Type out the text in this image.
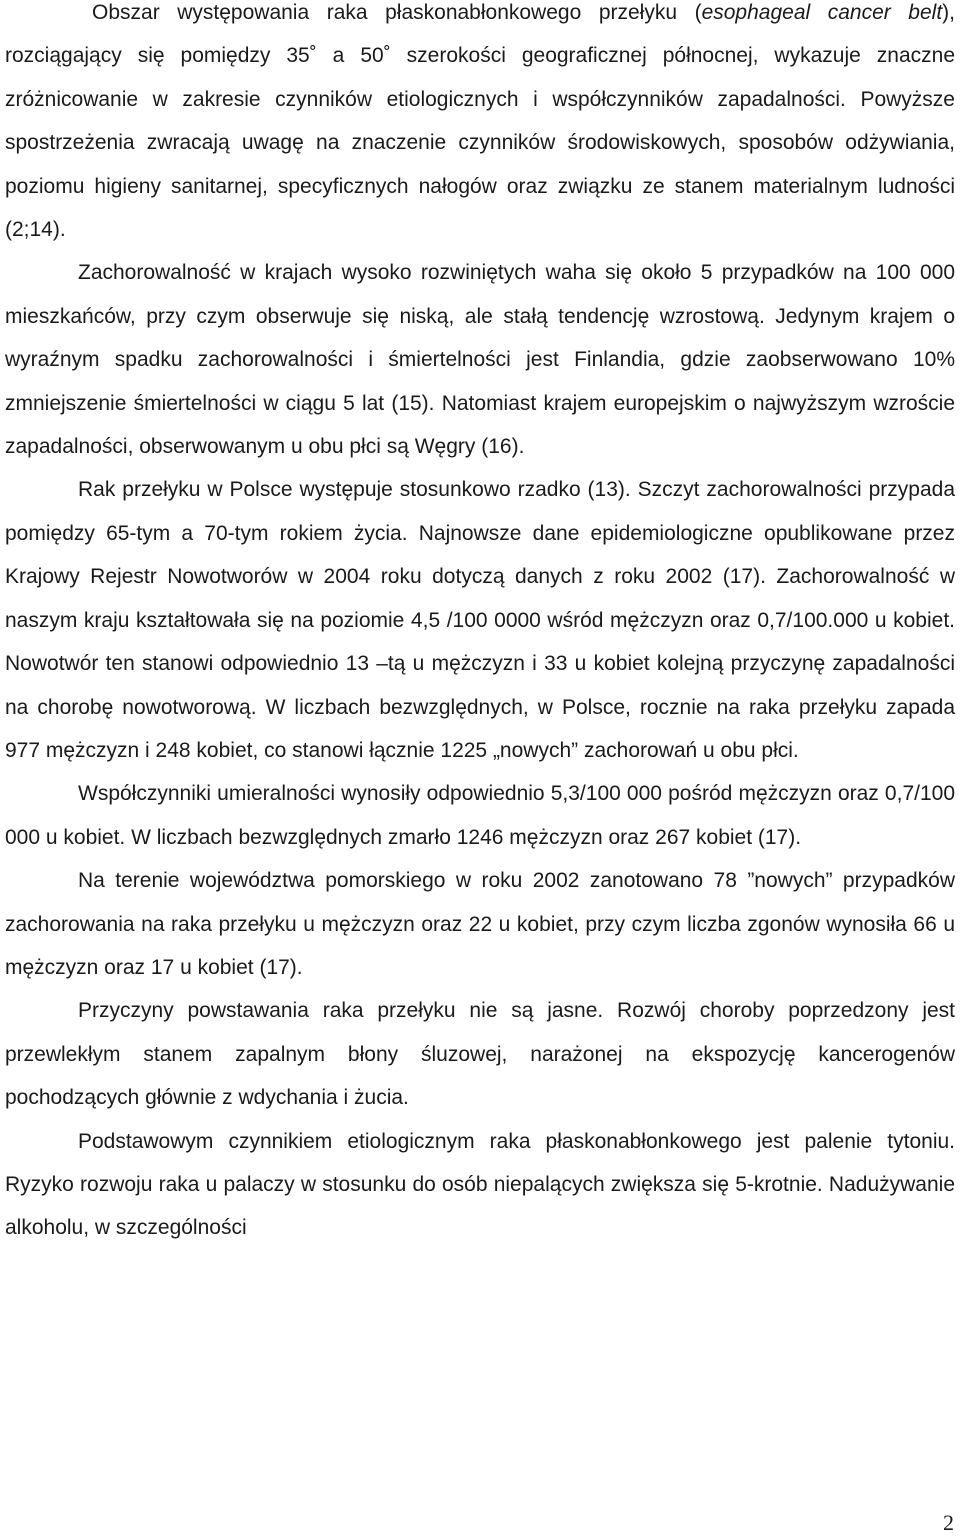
Obszar występowania raka płaskonabłonkowego przełyku (esophageal cancer belt), rozciągający się pomiędzy 35˚ a 50˚ szerokości geograficznej północnej, wykazuje znaczne zróżnicowanie w zakresie czynników etiologicznych i współczynników zapadalności. Powyższe spostrzeżenia zwracają uwagę na znaczenie czynników środowiskowych, sposobów odżywiania, poziomu higieny sanitarnej, specyficznych nałogów oraz związku ze stanem materialnym ludności (2;14).

Zachorowalność w krajach wysoko rozwiniętych waha się około 5 przypadków na 100 000 mieszkańców, przy czym obserwuje się niską, ale stałą tendencję wzrostową. Jedynym krajem o wyraźnym spadku zachorowalności i śmiertelności jest Finlandia, gdzie zaobserwowano 10% zmniejszenie śmiertelności w ciągu 5 lat (15). Natomiast krajem europejskim o najwyższym wzroście zapadalności, obserwowanym u obu płci są Węgry (16).

Rak przełyku w Polsce występuje stosunkowo rzadko (13). Szczyt zachorowalności przypada pomiędzy 65-tym a 70-tym rokiem życia. Najnowsze dane epidemiologiczne opublikowane przez Krajowy Rejestr Nowotworów w 2004 roku dotyczą danych z roku 2002 (17). Zachorowalność w naszym kraju kształtowała się na poziomie 4,5 /100 0000 wśród mężczyzn oraz 0,7/100.000 u kobiet. Nowotwór ten stanowi odpowiednio 13 –tą u mężczyzn i 33 u kobiet kolejną przyczynę zapadalności na chorobę nowotworową. W liczbach bezwzględnych, w Polsce, rocznie na raka przełyku zapada 977 mężczyzn i 248 kobiet, co stanowi łącznie 1225 „nowych” zachorowań u obu płci.

Współczynniki umieralności wynosiły odpowiednio 5,3/100 000 pośród mężczyzn oraz 0,7/100 000 u kobiet. W liczbach bezwzględnych zmarło 1246 mężczyzn oraz 267 kobiet (17).

Na terenie województwa pomorskiego w roku 2002 zanotowano 78 ”nowych” przypadków zachorowania na raka przełyku u mężczyzn oraz 22 u kobiet, przy czym liczba zgonów wynosiła 66 u mężczyzn oraz 17 u kobiet (17).

Przyczyny powstawania raka przełyku nie są jasne. Rozwój choroby poprzedzony jest przewlekłym stanem zapalnym błony śluzowej, narażonej na ekspozycję kancerogenów pochodzących głównie z wdychania i żucia.

Podstawowym czynnikiem etiologicznym raka płaskonabłonkowego jest palenie tytoniu. Ryzyko rozwoju raka u palaczy w stosunku do osób niepalących zwiększa się 5-krotnie. Nadużywanie alkoholu, w szczególności

2
